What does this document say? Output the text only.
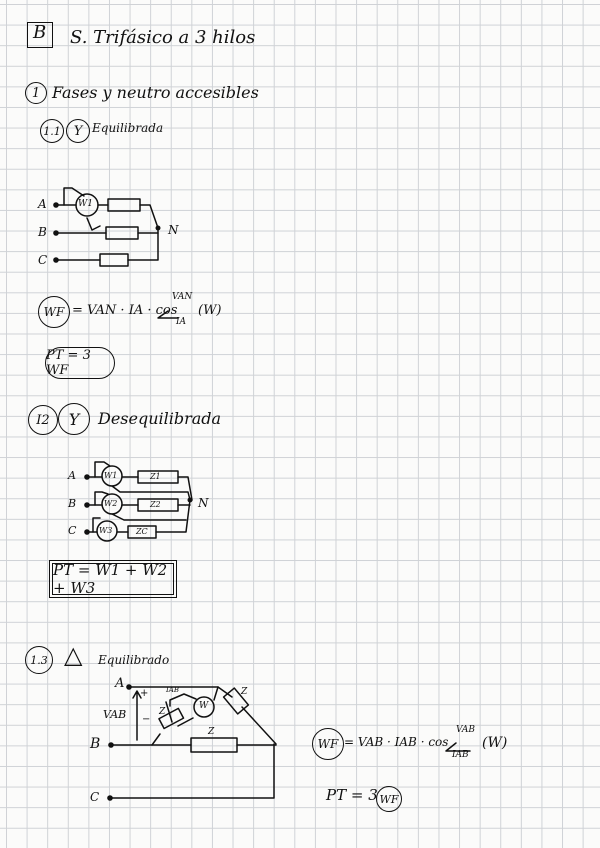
B S. Trifásico a 3 hilos
1 Fases y neutro accesibles
1.1 Y Equilibrada
A
B
C
N
W1
WF = VAN · IA · cos
VAN
IA
(W)
PT = 3 WF
I2	Y	Desequilibrada
A
B
C
N
W1
W2
W3
Z1
Z2
ZC
PT = W1 + W2 + W3
1.3 △ Equilibrado
A
B
C
+
−
VAB
IAB	Z
Z
Z
W
WF = VAB · IAB · cos
VAB
IAB
(W)
PT = 3 WF
